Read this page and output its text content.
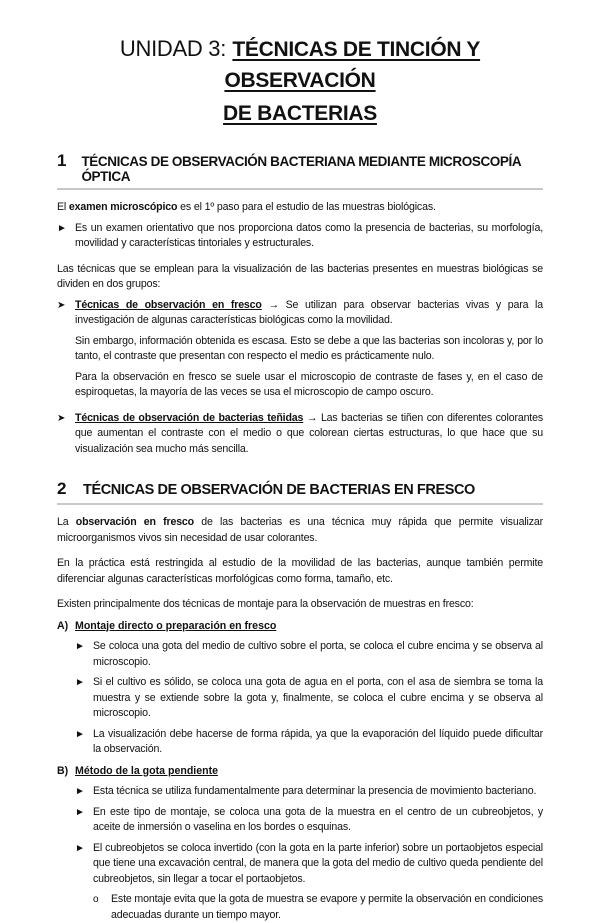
UNIDAD 3: TÉCNICAS DE TINCIÓN Y OBSERVACIÓN
DE BACTERIAS
1	TÉCNICAS DE OBSERVACIÓN BACTERIANA MEDIANTE MICROSCOPÍA ÓPTICA

El examen microscópico es el 1º paso para el estudio de las muestras biológicas.

► Es un examen orientativo que nos proporciona datos como la presencia de bacterias, su morfología, movilidad y características tintoriales y estructurales.

Las técnicas que se emplean para la visualización de las bacterias presentes en muestras biológicas se dividen en dos grupos:

➤ Técnicas de observación en fresco → Se utilizan para observar bacterias vivas y para la investigación de algunas características biológicas como la movilidad.

Sin embargo, información obtenida es escasa. Esto se debe a que las bacterias son incoloras y, por lo tanto, el contraste que presentan con respecto el medio es prácticamente nulo.

Para la observación en fresco se suele usar el microscopio de contraste de fases y, en el caso de espiroquetas, la mayoría de las veces se usa el microscopio de campo oscuro.

➤ Técnicas de observación de bacterias teñidas → Las bacterias se tiñen con diferentes colorantes que aumentan el contraste con el medio o que colorean ciertas estructuras, lo que hace que su visualización sea mucho más sencilla.
2	TÉCNICAS DE OBSERVACIÓN DE BACTERIAS EN FRESCO

La observación en fresco de las bacterias es una técnica muy rápida que permite visualizar microorganismos vivos sin necesidad de usar colorantes.

En la práctica está restringida al estudio de la movilidad de las bacterias, aunque también permite diferenciar algunas características morfológicas como forma, tamaño, etc.

Existen principalmente dos técnicas de montaje para la observación de muestras en fresco:

A) Montaje directo o preparación en fresco
► Se coloca una gota del medio de cultivo sobre el porta, se coloca el cubre encima y se observa al microscopio.
► Si el cultivo es sólido, se coloca una gota de agua en el porta, con el asa de siembra se toma la muestra y se extiende sobre la gota y, finalmente, se coloca el cubre encima y se observa al microscopio.
► La visualización debe hacerse de forma rápida, ya que la evaporación del líquido puede dificultar la observación.
B) Método de la gota pendiente
► Esta técnica se utiliza fundamentalmente para determinar la presencia de movimiento bacteriano.
► En este tipo de montaje, se coloca una gota de la muestra en el centro de un cubreobjetos, y aceite de inmersión o vaselina en los bordes o esquinas.
► El cubreobjetos se coloca invertido (con la gota en la parte inferior) sobre un portaobjetos especial que tiene una excavación central, de manera que la gota del medio de cultivo queda pendiente del cubreobjetos, sin llegar a tocar el portaobjetos.
o	Este montaje evita que la gota de muestra se evapore y permite la observación en condiciones adecuadas durante un tiempo mayor.
